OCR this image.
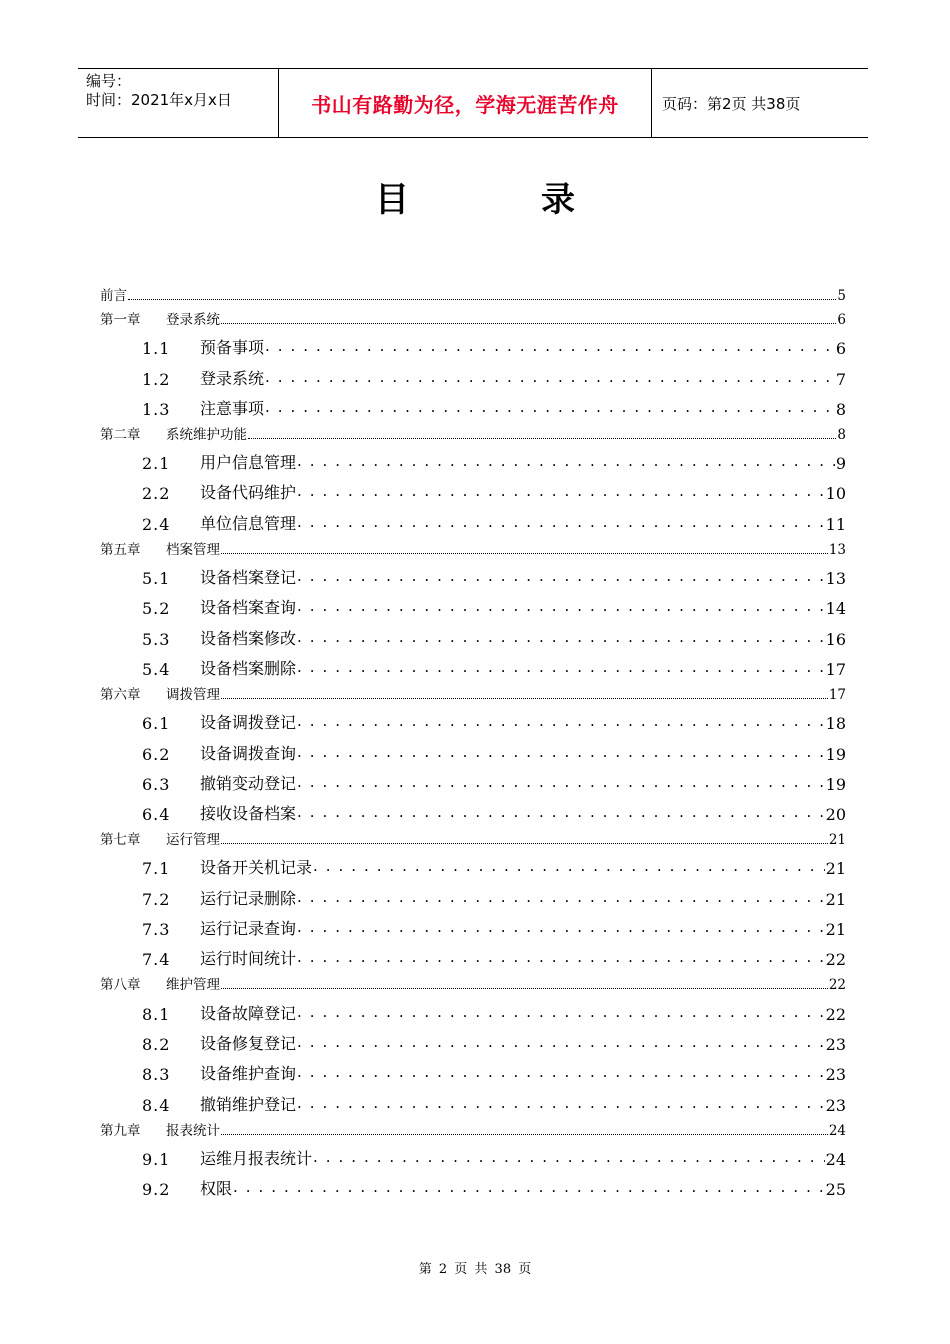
编号：
时间：2021年x月x日	书山有路勤为径，学海无涯苦作舟	页码：第2页 共38页
目录
前言	5
第一章	登录系统	6
1.1	预备事项 . . .	6
1.2	登录系统 . . .	7
1.3	注意事项 . . .	8
第二章	系统维护功能	8
2.1	用户信息管理 . . .	9
2.2	设备代码维护 . . .	10
2.4	单位信息管理 . . .	11
第五章	档案管理	13
5.1	设备档案登记 . . .	13
5.2	设备档案查询 . . .	14
5.3	设备档案修改 . . .	16
5.4	设备档案删除 . . .	17
第六章	调拨管理	17
6.1	设备调拨登记 . . .	18
6.2	设备调拨查询 . . .	19
6.3	撤销变动登记 . . .	19
6.4	接收设备档案 . . .	20
第七章	运行管理	21
7.1	设备开关机记录 . . .	21
7.2	运行记录删除 . . .	21
7.3	运行记录查询 . . .	21
7.4	运行时间统计 . . .	22
第八章	维护管理	22
8.1	设备故障登记 . . .	22
8.2	设备修复登记 . . .	23
8.3	设备维护查询 . . .	23
8.4	撤销维护登记 . . .	23
第九章	报表统计	24
9.1	运维月报表统计 . . .	24
9.2	权限 . . .	25
第 2 页 共 38 页
